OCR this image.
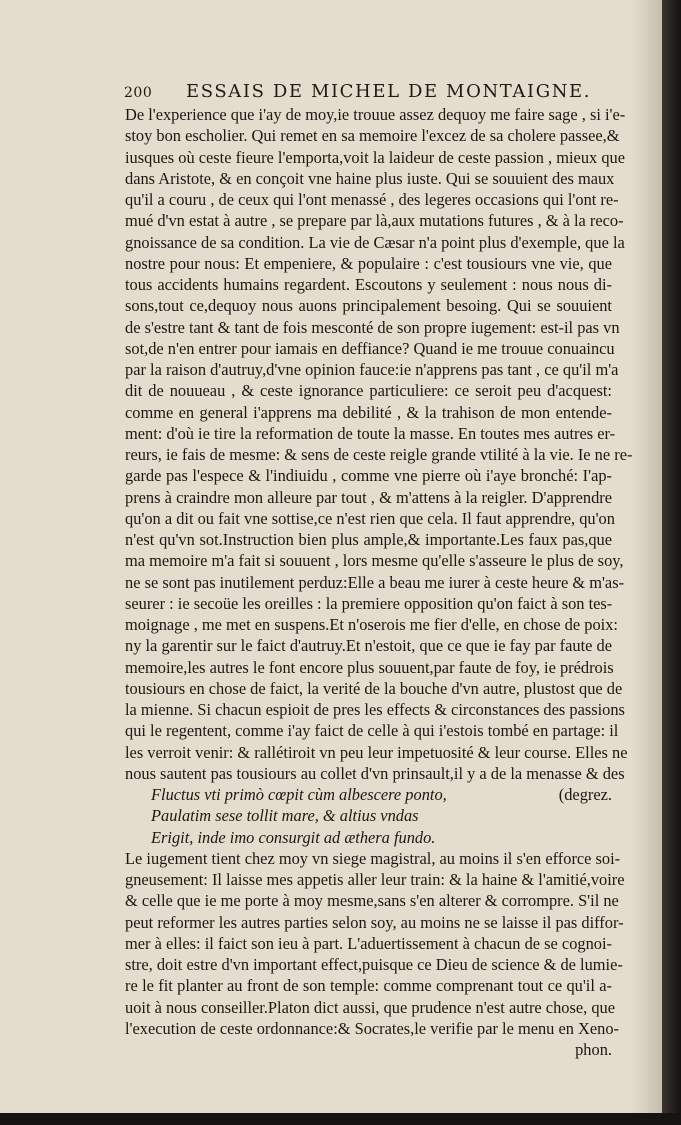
200 ESSAIS DE MICHEL DE MONTAIGNE.
De l'experience que i'ay de moy,ie trouue assez dequoy me faire sage , si i'e-
stoy bon escholier. Qui remet en sa memoire l'excez de sa cholere passee,&
iusques où ceste fieure l'emporta,voit la laideur de ceste passion , mieux que
dans Aristote, & en conçoit vne haine plus iuste. Qui se souuient des maux
qu'il a couru , de ceux qui l'ont menassé , des legeres occasions qui l'ont re-
mué d'vn estat à autre , se prepare par là,aux mutations futures , & à la reco-
gnoissance de sa condition. La vie de Cæsar n'a point plus d'exemple, que la
nostre pour nous: Et empeniere, & populaire : c'est tousiours vne vie, que
tous accidents humains regardent. Escoutons y seulement : nous nous di-
sons,tout ce,dequoy nous auons principalement besoing. Qui se souuient
de s'estre tant & tant de fois mesconté de son propre iugement: est-il pas vn
sot,de n'en entrer pour iamais en deffiance? Quand ie me trouue conuaincu
par la raison d'autruy,d'vne opinion fauce:ie n'apprens pas tant , ce qu'il m'a
dit de nouueau , & ceste ignorance particuliere: ce seroit peu d'acquest:
comme en general i'apprens ma debilité , & la trahison de mon entende-
ment: d'où ie tire la reformation de toute la masse. En toutes mes autres er-
reurs, ie fais de mesme: & sens de ceste reigle grande vtilité à la vie. Ie ne re-
garde pas l'espece & l'indiuidu , comme vne pierre où i'aye bronché: I'ap-
prens à craindre mon alleure par tout , & m'attens à la reigler. D'apprendre
qu'on a dit ou fait vne sottise,ce n'est rien que cela. Il faut apprendre, qu'on
n'est qu'vn sot.Instruction bien plus ample,& importante.Les faux pas,que
ma memoire m'a fait si souuent , lors mesme qu'elle s'asseure le plus de soy,
ne se sont pas inutilement perduz:Elle a beau me iurer à ceste heure & m'as-
seurer : ie secoüe les oreilles : la premiere opposition qu'on faict à son tes-
moignage , me met en suspens.Et n'oserois me fier d'elle, en chose de poix:
ny la garentir sur le faict d'autruy.Et n'estoit, que ce que ie fay par faute de
memoire,les autres le font encore plus souuent,par faute de foy, ie prédrois
tousiours en chose de faict, la verité de la bouche d'vn autre, plustost que de
la mienne. Si chacun espioit de pres les effects & circonstances des passions
qui le regentent, comme i'ay faict de celle à qui i'estois tombé en partage: il
les verroit venir: & rallétiroit vn peu leur impetuosité & leur course. Elles ne
nous sautent pas tousiours au collet d'vn prinsault,il y a de la menasse & des
Fluctus vti primò cœpit cùm albescere ponto,	(degrez.
Paulatim sese tollit mare, & altius vndas
Erigit, inde imo consurgit ad æthera fundo.
Le iugement tient chez moy vn siege magistral, au moins il s'en efforce soi-
gneusement: Il laisse mes appetis aller leur train: & la haine & l'amitié,voire
& celle que ie me porte à moy mesme,sans s'en alterer & corrompre. S'il ne
peut reformer les autres parties selon soy, au moins ne se laisse il pas diffor-
mer à elles: il faict son ieu à part. L'aduertissement à chacun de se cognoi-
stre, doit estre d'vn important effect,puisque ce Dieu de science & de lumie-
re le fit planter au front de son temple: comme comprenant tout ce qu'il a-
uoit à nous conseiller.Platon dict aussi, que prudence n'est autre chose, que
l'execution de ceste ordonnance:& Socrates,le verifie par le menu en Xeno-
phon.
